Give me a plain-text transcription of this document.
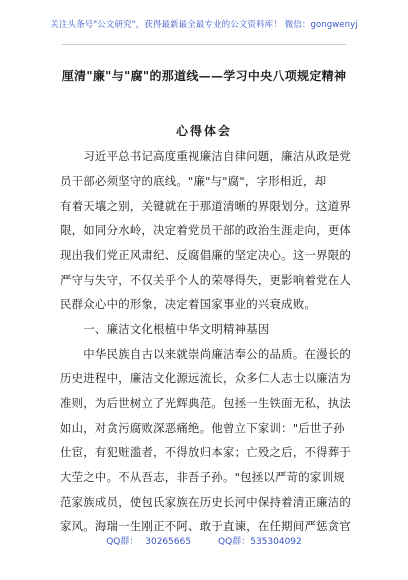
关注头条号"公文研究"，获得最新最全最专业的公文资料库！ 微信：gongwenyj
厘清"廉"与"腐"的那道线——学习中央八项规定精神
心得体会
　　习近平总书记高度重视廉洁自律问题，廉洁从政是党
员干部必须坚守的底线。"廉"与"腐"，字形相近，却
有着天壤之别，关键就在于那道清晰的界限划分。这道界
限，如同分水岭，决定着党员干部的政治生涯走向，更体
现出我们党正风肃纪、反腐倡廉的坚定决心。这一界限的
严守与失守，不仅关乎个人的荣辱得失，更影响着党在人
民群众心中的形象，决定着国家事业的兴衰成败。
　　一、廉洁文化根植中华文明精神基因
　　中华民族自古以来就崇尚廉洁奉公的品质。在漫长的
历史进程中，廉洁文化源远流长，众多仁人志士以廉洁为
准则，为后世树立了光辉典范。包拯一生铁面无私，执法
如山，对贪污腐败深恶痛绝。他曾立下家训："后世子孙
仕宦，有犯赃滥者，不得放归本家；亡殁之后，不得葬于
大茔之中。不从吾志，非吾子孙。"包拯以严苛的家训规
范家族成员，使包氏家族在历史长河中保持着清正廉洁的
家风。海瑞一生刚正不阿、敢于直谏，在任期间严惩贪官
QQ群： 30265665　　　QQ群：535304092
